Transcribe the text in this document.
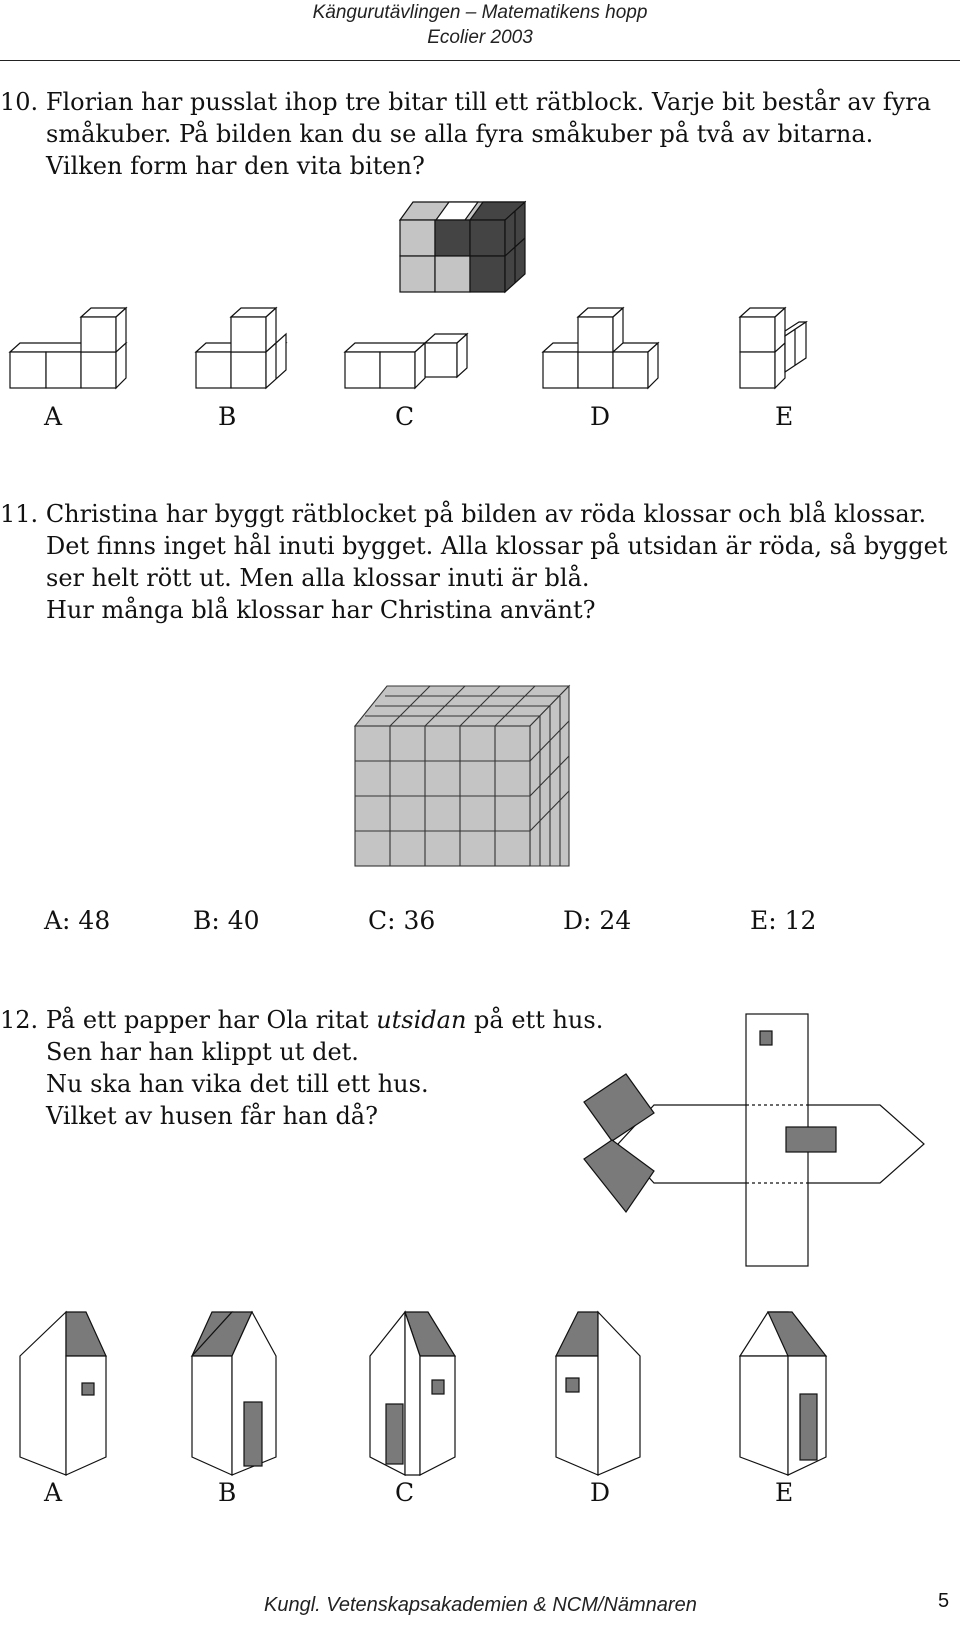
Kängurutävlingen – Matematikens hopp
Ecolier 2003
10. Florian har pusslat ihop tre bitar till ett rätblock. Varje bit består av fyra
småkuber. På bilden kan du se alla fyra småkuber på två av bitarna.
Vilken form har den vita biten?
A	B	C	D	E
11. Christina har byggt rätblocket på bilden av röda klossar och blå klossar.
Det finns inget hål inuti bygget. Alla klossar på utsidan är röda, så bygget
ser helt rött ut. Men alla klossar inuti är blå.
Hur många blå klossar har Christina använt?
A: 48	B: 40	C: 36	D: 24	E: 12
12. På ett papper har Ola ritat utsidan på ett hus.
Sen har han klippt ut det.
Nu ska han vika det till ett hus.
Vilket av husen får han då?
A	B	C	D	E
Kungl. Vetenskapsakademien & NCM/Nämnaren	5
